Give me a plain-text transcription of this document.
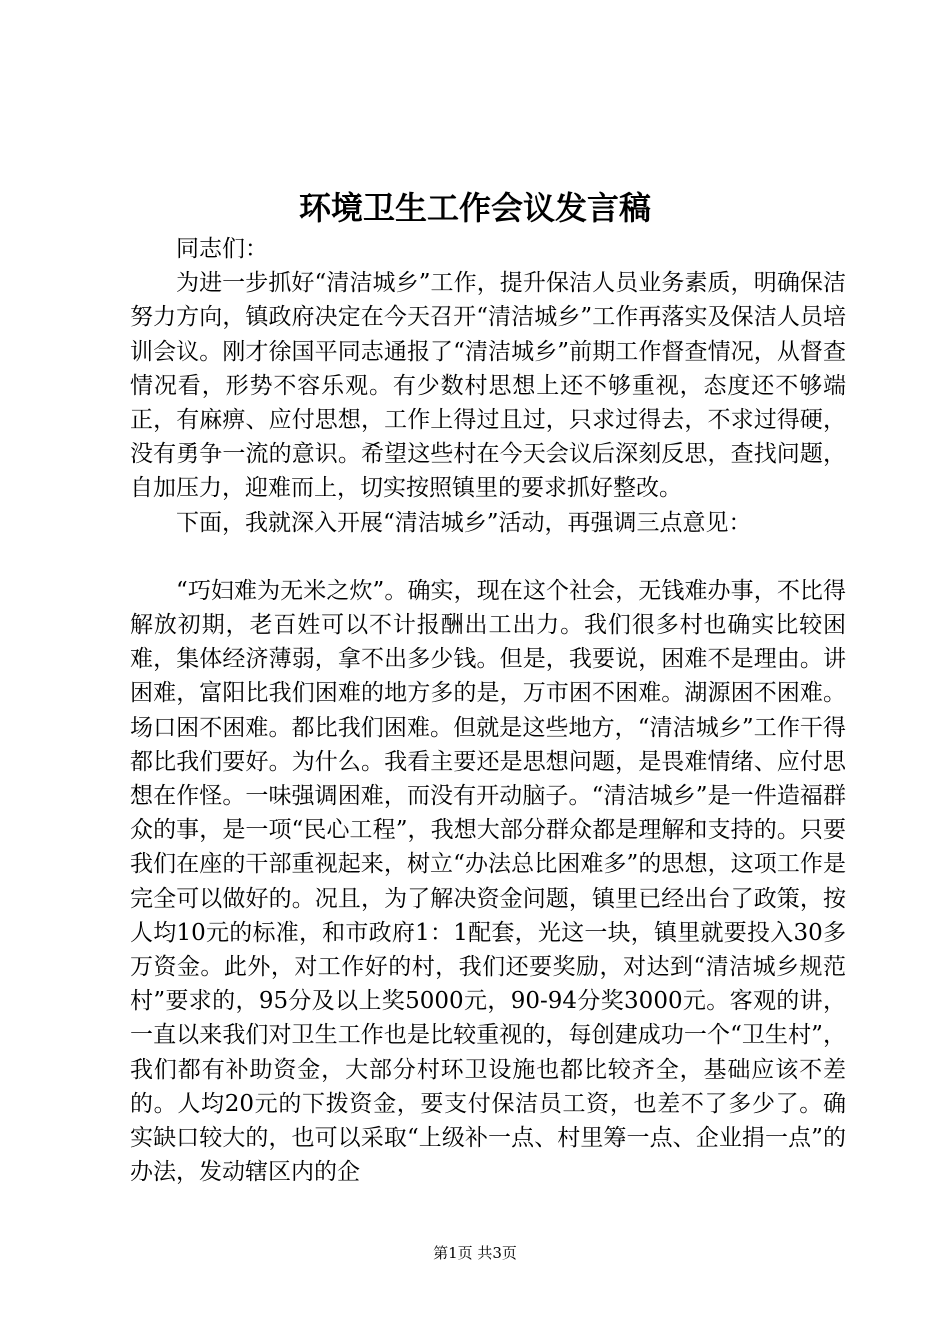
环境卫生工作会议发言稿

同志们：

为进一步抓好“清洁城乡”工作，提升保洁人员业务素质，明确保洁努力方向，镇政府决定在今天召开“清洁城乡”工作再落实及保洁人员培训会议。刚才徐国平同志通报了“清洁城乡”前期工作督查情况，从督查情况看，形势不容乐观。有少数村思想上还不够重视，态度还不够端正，有麻痹、应付思想，工作上得过且过，只求过得去，不求过得硬，没有勇争一流的意识。希望这些村在今天会议后深刻反思，查找问题，自加压力，迎难而上，切实按照镇里的要求抓好整改。

下面，我就深入开展“清洁城乡”活动，再强调三点意见：

“巧妇难为无米之炊”。确实，现在这个社会，无钱难办事，不比得解放初期，老百姓可以不计报酬出工出力。我们很多村也确实比较困难，集体经济薄弱，拿不出多少钱。但是，我要说，困难不是理由。讲困难，富阳比我们困难的地方多的是，万市困不困难。湖源困不困难。场口困不困难。都比我们困难。但就是这些地方，“清洁城乡”工作干得都比我们要好。为什么。我看主要还是思想问题，是畏难情绪、应付思想在作怪。一味强调困难，而没有开动脑子。“清洁城乡”是一件造福群众的事，是一项“民心工程”，我想大部分群众都是理解和支持的。只要我们在座的干部重视起来，树立“办法总比困难多”的思想，这项工作是完全可以做好的。况且，为了解决资金问题，镇里已经出台了政策，按人均10元的标准，和市政府1：1配套，光这一块，镇里就要投入30多万资金。此外，对工作好的村，我们还要奖励，对达到“清洁城乡规范村”要求的，95分及以上奖5000元，90-94分奖3000元。客观的讲，一直以来我们对卫生工作也是比较重视的，每创建成功一个“卫生村”，我们都有补助资金，大部分村环卫设施也都比较齐全，基础应该不差的。人均20元的下拨资金，要支付保洁员工资，也差不了多少了。确实缺口较大的，也可以采取“上级补一点、村里筹一点、企业捐一点”的办法，发动辖区内的企

第1页 共3页
